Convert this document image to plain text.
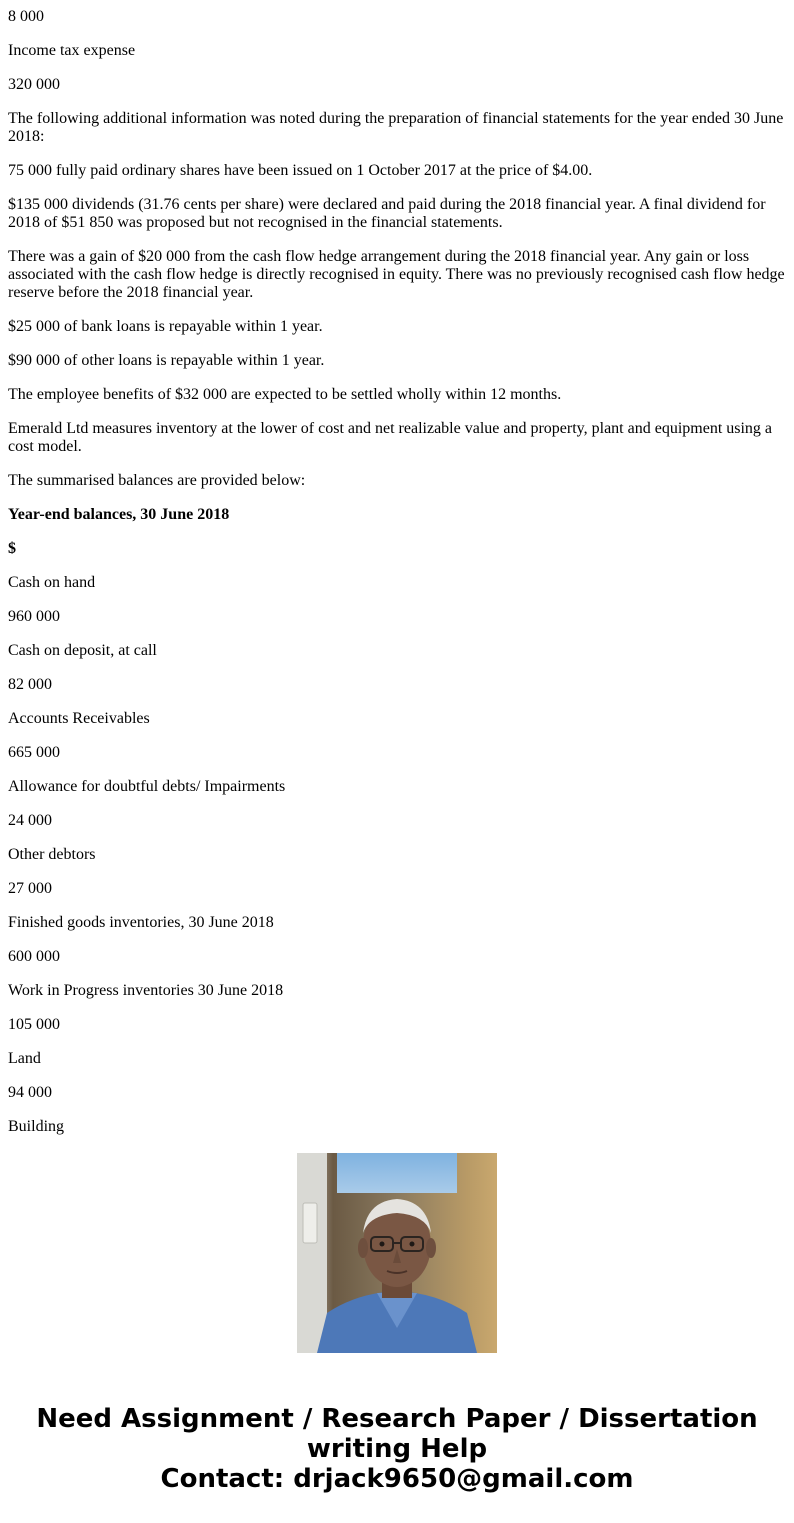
8 000

Income tax expense

320 000

The following additional information was noted during the preparation of financial statements for the year ended 30 June 2018:

75 000 fully paid ordinary shares have been issued on 1 October 2017 at the price of $4.00.

$135 000 dividends (31.76 cents per share) were declared and paid during the 2018 financial year. A final dividend for 2018 of $51 850 was proposed but not recognised in the financial statements.

There was a gain of $20 000 from the cash flow hedge arrangement during the 2018 financial year. Any gain or loss associated with the cash flow hedge is directly recognised in equity. There was no previously recognised cash flow hedge reserve before the 2018 financial year.

$25 000 of bank loans is repayable within 1 year.

$90 000 of other loans is repayable within 1 year.

The employee benefits of $32 000 are expected to be settled wholly within 12 months.

Emerald Ltd measures inventory at the lower of cost and net realizable value and property, plant and equipment using a cost model.

The summarised balances are provided below:

Year-end balances, 30 June 2018

$

Cash on hand

960 000

Cash on deposit, at call

82 000

Accounts Receivables

665 000

Allowance for doubtful debts/ Impairments

24 000

Other debtors

27 000

Finished goods inventories, 30 June 2018

600 000

Work in Progress inventories 30 June 2018

105 000

Land

94 000

Building

Need Assignment / Research Paper / Dissertation
writing Help
Contact: drjack9650@gmail.com
